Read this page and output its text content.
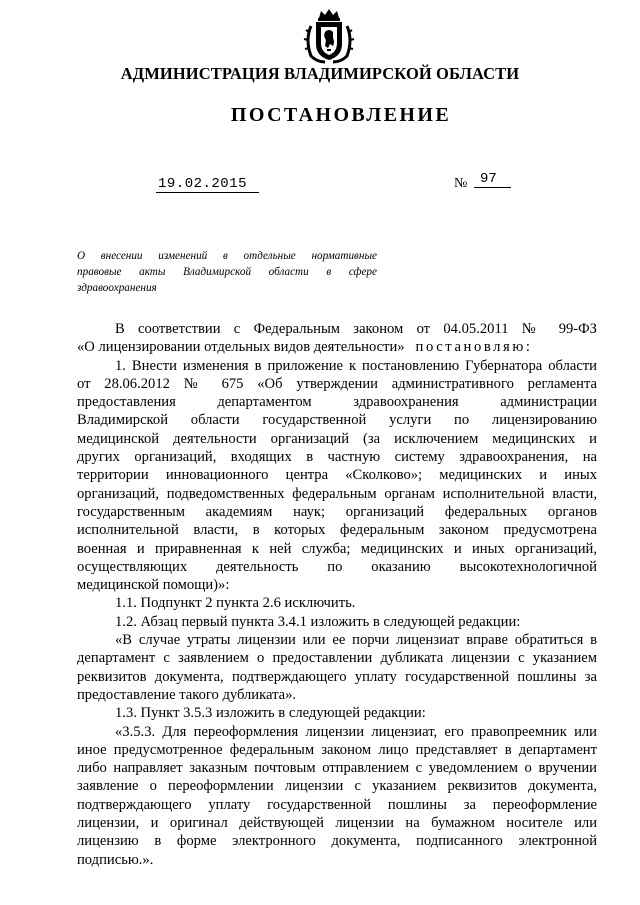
АДМИНИСТРАЦИЯ ВЛАДИМИРСКОЙ ОБЛАСТИ
ПОСТАНОВЛЕНИЕ
19.02.2015	№ 97
О внесении изменений в отдельные нормативные
правовые акты Владимирской области в сфере
здравоохранения
В соответствии с Федеральным законом от 04.05.2011 № 99-ФЗ
«О лицензировании отдельных видов деятельности» постановляю:
1. Внести изменения в приложение к постановлению Губернатора области
от 28.06.2012 № 675 «Об утверждении административного регламента
предоставления департаментом здравоохранения администрации
Владимирской области государственной услуги по лицензированию
медицинской деятельности организаций (за исключением медицинских и
других организаций, входящих в частную систему здравоохранения, на
территории инновационного центра «Сколково»; медицинских и иных
организаций, подведомственных федеральным органам исполнительной власти,
государственным академиям наук; организаций федеральных органов
исполнительной власти, в которых федеральным законом предусмотрена
военная и приравненная к ней служба; медицинских и иных организаций,
осуществляющих деятельность по оказанию высокотехнологичной
медицинской помощи)»:
1.1. Подпункт 2 пункта 2.6 исключить.
1.2. Абзац первый пункта 3.4.1 изложить в следующей редакции:
«В случае утраты лицензии или ее порчи лицензиат вправе обратиться в
департамент с заявлением о предоставлении дубликата лицензии с указанием
реквизитов документа, подтверждающего уплату государственной пошлины за
предоставление такого дубликата».
1.3. Пункт 3.5.3 изложить в следующей редакции:
«3.5.3. Для переоформления лицензии лицензиат, его правопреемник или
иное предусмотренное федеральным законом лицо представляет в департамент
либо направляет заказным почтовым отправлением с уведомлением о вручении
заявление о переоформлении лицензии с указанием реквизитов документа,
подтверждающего уплату государственной пошлины за переоформление
лицензии, и оригинал действующей лицензии на бумажном носителе или
лицензию в форме электронного документа, подписанного электронной
подписью.».
